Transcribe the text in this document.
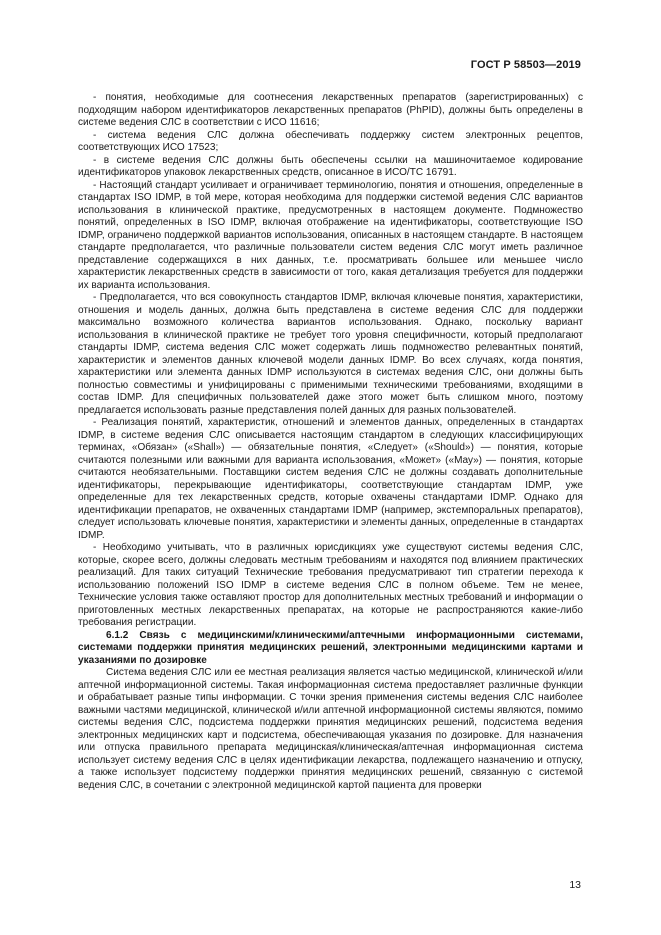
ГОСТ Р 58503—2019

- понятия, необходимые для соотнесения лекарственных препаратов (зарегистрированных) с подходящим набором идентификаторов лекарственных препаратов (PhPID), должны быть определены в системе ведения СЛС в соответствии с ИСО 11616;

- система ведения СЛС должна обеспечивать поддержку систем электронных рецептов, соответствующих ИСО 17523;

- в системе ведения СЛС должны быть обеспечены ссылки на машиночитаемое кодирование идентификаторов упаковок лекарственных средств, описанное в ИСО/ТС 16791.

- Настоящий стандарт усиливает и ограничивает терминологию, понятия и отношения, определенные в стандартах ISO IDMP, в той мере, которая необходима для поддержки системой ведения СЛС вариантов использования в клинической практике, предусмотренных в настоящем документе. Подмножество понятий, определенных в ISO IDMP, включая отображение на идентификаторы, соответствующие ISO IDMP, ограничено поддержкой вариантов использования, описанных в настоящем стандарте. В настоящем стандарте предполагается, что различные пользователи систем ведения СЛС могут иметь различное представление содержащихся в них данных, т.е. просматривать большее или меньшее число характеристик лекарственных средств в зависимости от того, какая детализация требуется для поддержки их варианта использования.

- Предполагается, что вся совокупность стандартов IDMP, включая ключевые понятия, характеристики, отношения и модель данных, должна быть представлена в системе ведения СЛС для поддержки максимально возможного количества вариантов использования. Однако, поскольку вариант использования в клинической практике не требует того уровня специфичности, который предполагают стандарты IDMP, система ведения СЛС может содержать лишь подмножество релевантных понятий, характеристик и элементов данных ключевой модели данных IDMP. Во всех случаях, когда понятия, характеристики или элемента данных IDMP используются в системах ведения СЛС, они должны быть полностью совместимы и унифицированы с применимыми техническими требованиями, входящими в состав IDMP. Для специфичных пользователей даже этого может быть слишком много, поэтому предлагается использовать разные представления полей данных для разных пользователей.

- Реализация понятий, характеристик, отношений и элементов данных, определенных в стандартах IDMP, в системе ведения СЛС описывается настоящим стандартом в следующих классифицирующих терминах, «Обязан» («Shall») — обязательные понятия, «Следует» («Should») — понятия, которые считаются полезными или важными для варианта использования, «Может» («May») — понятия, которые считаются необязательными. Поставщики систем ведения СЛС не должны создавать дополнительные идентификаторы, перекрывающие идентификаторы, соответствующие стандартам IDMP, уже определенные для тех лекарственных средств, которые охвачены стандартами IDMP. Однако для идентификации препаратов, не охваченных стандартами IDMP (например, экстемпоральных препаратов), следует использовать ключевые понятия, характеристики и элементы данных, определенные в стандартах IDMP.

- Необходимо учитывать, что в различных юрисдикциях уже существуют системы ведения СЛС, которые, скорее всего, должны следовать местным требованиям и находятся под влиянием практических реализаций. Для таких ситуаций Технические требования предусматривают тип стратегии перехода к использованию положений ISO IDMP в системе ведения СЛС в полном объеме. Тем не менее, Технические условия также оставляют простор для дополнительных местных требований и информации о приготовленных местных лекарственных препаратах, на которые не распространяются какие-либо требования регистрации.

6.1.2 Связь с медицинскими/клиническими/аптечными информационными системами, системами поддержки принятия медицинских решений, электронными медицинскими картами и указаниями по дозировке

Система ведения СЛС или ее местная реализация является частью медицинской, клинической и/или аптечной информационной системы. Такая информационная система предоставляет различные функции и обрабатывает разные типы информации. С точки зрения применения системы ведения СЛС наиболее важными частями медицинской, клинической и/или аптечной информационной системы являются, помимо системы ведения СЛС, подсистема поддержки принятия медицинских решений, подсистема ведения электронных медицинских карт и подсистема, обеспечивающая указания по дозировке. Для назначения или отпуска правильного препарата медицинская/клиническая/аптечная информационная система использует систему ведения СЛС в целях идентификации лекарства, подлежащего назначению и отпуску, а также использует подсистему поддержки принятия медицинских решений, связанную с системой ведения СЛС, в сочетании с электронной медицинской картой пациента для проверки

13
